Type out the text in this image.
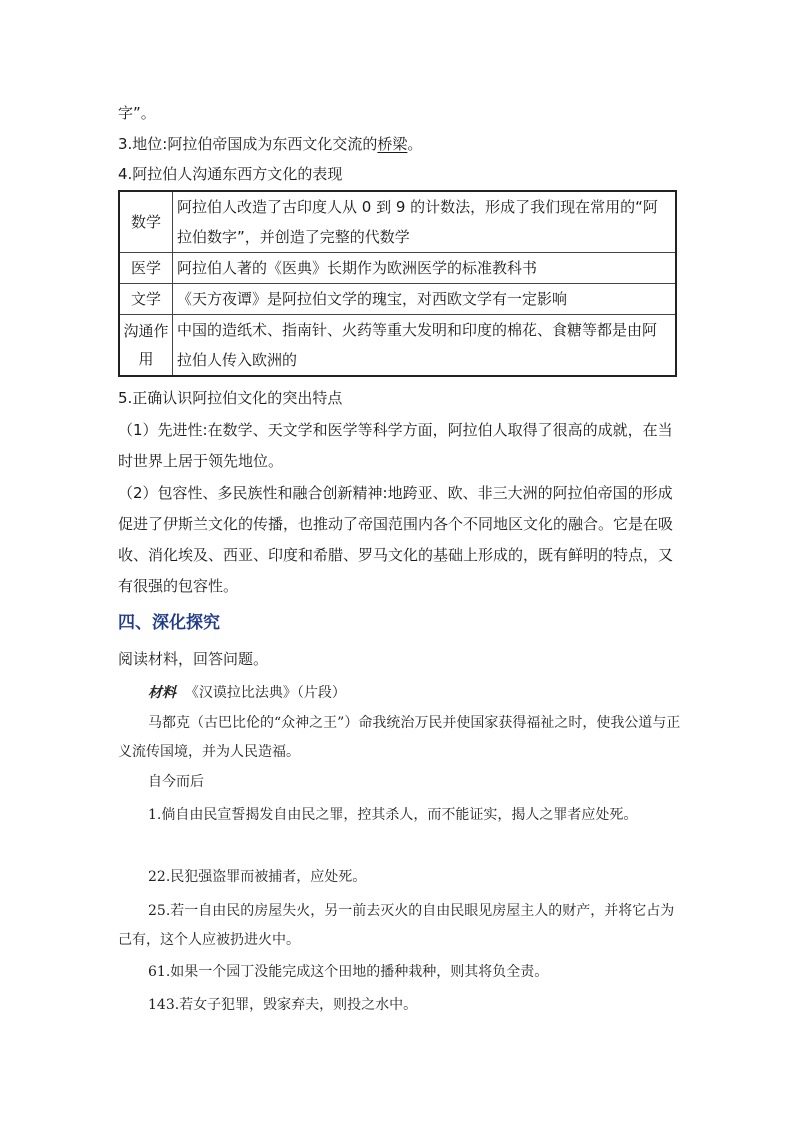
字”。
3.地位:阿拉伯帝国成为东西文化交流的桥梁。
4.阿拉伯人沟通东西方文化的表现
数学	阿拉伯人改造了古印度人从 0 到 9 的计数法，形成了我们现在常用的“阿拉伯数字”，并创造了完整的代数学
医学	阿拉伯人著的《医典》长期作为欧洲医学的标准教科书
文学	《天方夜谭》是阿拉伯文学的瑰宝，对西欧文学有一定影响
沟通作用	中国的造纸术、指南针、火药等重大发明和印度的棉花、食糖等都是由阿拉伯人传入欧洲的
5.正确认识阿拉伯文化的突出特点
（1）先进性:在数学、天文学和医学等科学方面，阿拉伯人取得了很高的成就，在当时世界上居于领先地位。
（2）包容性、多民族性和融合创新精神:地跨亚、欧、非三大洲的阿拉伯帝国的形成促进了伊斯兰文化的传播，也推动了帝国范围内各个不同地区文化的融合。它是在吸收、消化埃及、西亚、印度和希腊、罗马文化的基础上形成的，既有鲜明的特点，又有很强的包容性。
四、深化探究
阅读材料，回答问题。
材料 《汉谟拉比法典》（片段）
马都克（古巴比伦的“众神之王”）命我统治万民并使国家获得福祉之时，使我公道与正义流传国境，并为人民造福。
自今而后
1.倘自由民宣誓揭发自由民之罪，控其杀人，而不能证实，揭人之罪者应处死。
22.民犯强盗罪而被捕者，应处死。
25.若一自由民的房屋失火，另一前去灭火的自由民眼见房屋主人的财产，并将它占为己有，这个人应被扔进火中。
61.如果一个园丁没能完成这个田地的播种栽种，则其将负全责。
143.若女子犯罪，毁家弃夫，则投之水中。
